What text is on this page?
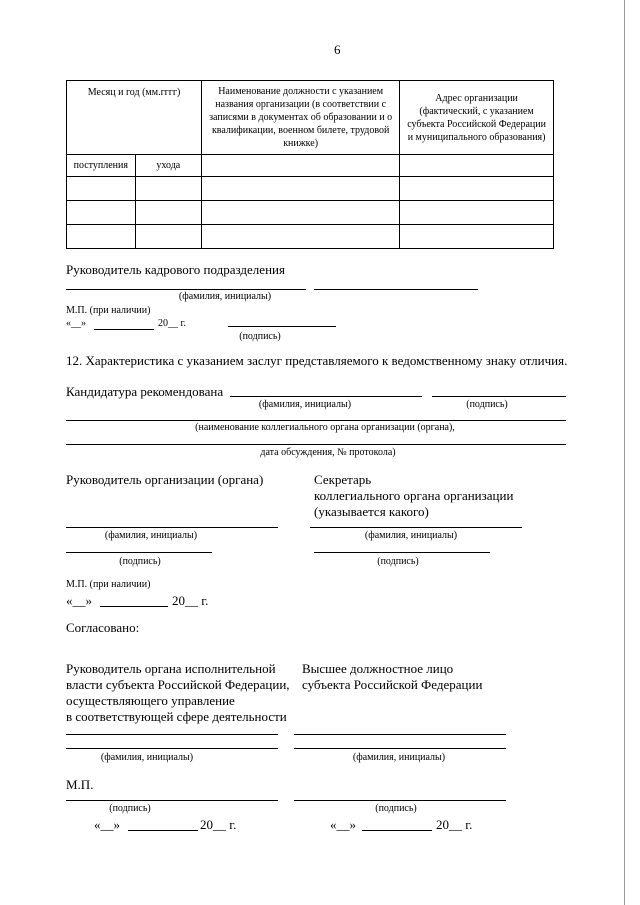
6
Месяц и год (мм.гггг)		Наименование должности с указанием названия организации (в соответствии с записями в документах об образовании и о квалификации, военном билете, трудовой книжке)	Адрес организации (фактический, с указанием субъекта Российской Федерации и муниципального образования)
поступления	ухода		

Руководитель кадрового подразделения
(фамилия, инициалы)
М.П. (при наличии)
«__»	20__ г.
(подпись)
12. Характеристика с указанием заслуг представляемого к ведомственному знаку отличия.
Кандидатура рекомендована
(фамилия, инициалы)	(подпись)
(наименование коллегиального органа организации (органа),
дата обсуждения, № протокола)
Руководитель организации (органа)
(фамилия, инициалы)
(подпись)
М.П. (при наличии)
«__»	20__ г.
Секретарь
коллегиального органа организации
(указывается какого)
(фамилия, инициалы)
(подпись)
Согласовано:
Руководитель органа исполнительной
власти субъекта Российской Федерации,
осуществляющего управление
в соответствующей сфере деятельности
(фамилия, инициалы)
М.П.
(подпись)
«__»	20__ г.
Высшее должностное лицо
субъекта Российской Федерации
(фамилия, инициалы)
(подпись)
«__»	20__ г.
